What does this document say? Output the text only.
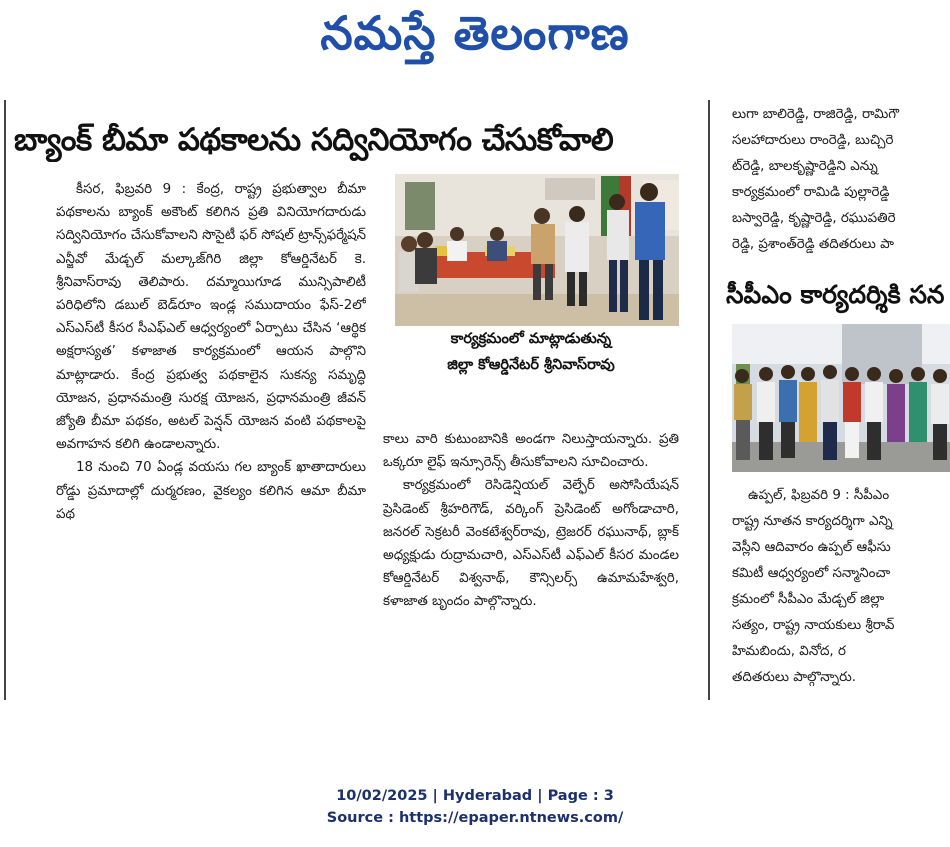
నమస్తే తెలంగాణ
బ్యాంక్ బీమా పథకాలను సద్వినియోగం చేసుకోవాలి

కీసర, ఫిబ్రవరి 9 : కేంద్ర, రాష్ట్ర ప్రభుత్వాల బీమా పథకాలను బ్యాంక్ అకౌంట్ కలిగిన ప్రతి వినియోగదారుడు సద్వినియోగం చేసుకోవాలని సొసైటీ ఫర్ సోషల్ ట్రాన్స్‌ఫర్మేషన్ ఎన్జీవో మేడ్చల్ మల్కాజ్‌గిరి జిల్లా కోఆర్డినేటర్ కె. శ్రీనివాస్‌రావు తెలిపారు. దమ్మాయిగూడ మున్సిపాలిటీ పరిధిలోని డబుల్ బెడ్‌రూం ఇండ్ల సముదాయం ఫేస్-2లో ఎస్ఎస్‌టీ కీసర సీఎఫ్ఎల్ ఆధ్వర్యంలో ఏర్పాటు చేసిన ‘ఆర్థిక అక్షరాస్యత’ కళాజాత కార్యక్రమంలో ఆయన పాల్గొని మాట్లాడారు. కేంద్ర ప్రభుత్వ పథకాలైన సుకన్య సమృద్ధి యోజన, ప్రధానమంత్రి సురక్ష యోజన, ప్రధానమంత్రి జీవన్ జ్యోతి బీమా పథకం, అటల్ పెన్షన్ యోజన వంటి పథకాలపై అవగాహన కలిగి ఉండాలన్నారు.

18 నుంచి 70 ఏండ్ల వయసు గల బ్యాంక్ ఖాతాదారులు రోడ్డు ప్రమాదాల్లో దుర్మరణం, వైకల్యం కలిగిన ఆమా బీమా పథ

కార్యక్రమంలో మాట్లాడుతున్న
జిల్లా కోఆర్డినేటర్ శ్రీనివాస్‌రావు

కాలు వారి కుటుంబానికి అండగా నిలుస్తాయన్నారు. ప్రతి ఒక్కరూ లైఫ్ ఇన్సూరెన్స్ తీసుకోవాలని సూచించారు.

కార్యక్రమంలో రెసిడెన్షియల్ వెల్ఫేర్ అసోసియేషన్ ప్రెసిడెంట్ శ్రీహరిగౌడ్, వర్కింగ్ ప్రెసిడెంట్ అగోండాచారి, జనరల్ సెక్రటరీ వెంకటేశ్వర్‌రావు, ట్రెజరర్ రఘునాథ్, బ్లాక్ అధ్యక్షుడు రుద్రామచారి, ఎస్ఎస్‌టీ ఎఫ్ఎల్ కీసర మండల కోఆర్డినేటర్ విశ్వనాథ్, కౌన్సిలర్స్ ఉమామహేశ్వరి, కళాజాత బృందం పాల్గొన్నారు.

లుగా బాలిరెడ్డి, రాజిరెడ్డి, రామిగౌ

సలహాదారులు రాంరెడ్డి, బుచ్చిరె

ట్‌రెడ్డి, బాలకృష్ణారెడ్డిని ఎన్ను

కార్యక్రమంలో రామిడి పుల్లారెడ్డి

బస్వారెడ్డి, కృష్ణారెడ్డి, రఘుపతిరె

రెడ్డి, ప్రశాంత్‌రెడ్డి తదితరులు పా

సీపీఎం కార్యదర్శికి సన

ఉప్పల్, ఫిబ్రవరి 9 : సీపీఎం

రాష్ట్ర నూతన కార్యదర్శిగా ఎన్ని

వెస్లీని ఆదివారం ఉప్పల్ ఆఫీసు

కమిటీ ఆధ్వర్యంలో సన్మానించా

క్రమంలో సీపీఎం మేడ్చల్ జిల్లా

సత్యం, రాష్ట్ర నాయకులు శ్రీరావ్

హిమబిందు, వినోద, ర

తదితరులు పాల్గొన్నారు.

10/02/2025 | Hyderabad | Page : 3
Source : https://epaper.ntnews.com/
